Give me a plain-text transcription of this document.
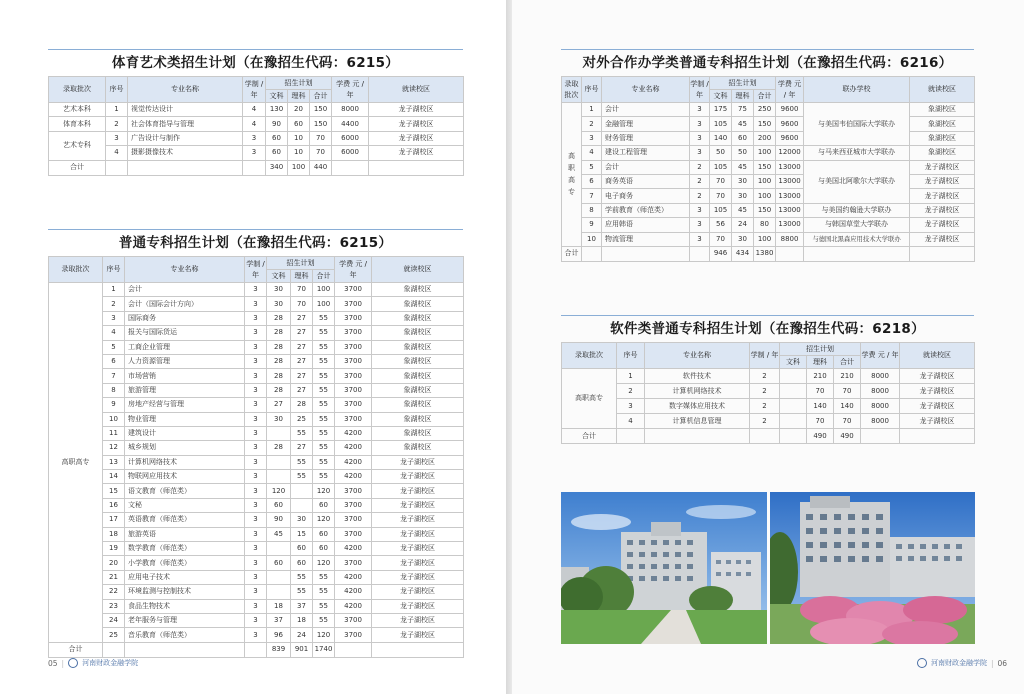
体育艺术类招生计划（在豫招生代码：6215）
录取批次	序号	专业名称	学制 / 年	招生计划			学费 元 / 年	就读校区
				文科	理科	合计		
艺术本科	1	视觉传达设计	4	130	20	150	8000	龙子湖校区
体育本科	2	社会体育指导与管理	4	90	60	150	4400	龙子湖校区
艺术专科	3	广告设计与制作	3	60	10	70	6000	龙子湖校区
	4	摄影摄像技术	3	60	10	70	6000	龙子湖校区
合计				340	100	440		
普通专科招生计划（在豫招生代码：6215）
录取批次	序号	专业名称	学制 / 年	招生计划			学费 元 / 年	就读校区
				文科	理科	合计		
高职高专	1	会计	3	30	70	100	3700	象湖校区
	2	会计（国际会计方向）	3	30	70	100	3700	象湖校区
	3	国际商务	3	28	27	55	3700	象湖校区
	4	报关与国际货运	3	28	27	55	3700	象湖校区
	5	工商企业管理	3	28	27	55	3700	象湖校区
	6	人力资源管理	3	28	27	55	3700	象湖校区
	7	市场营销	3	28	27	55	3700	象湖校区
	8	旅游管理	3	28	27	55	3700	象湖校区
	9	房地产经营与管理	3	27	28	55	3700	象湖校区
	10	物业管理	3	30	25	55	3700	象湖校区
	11	建筑设计	3		55	55	4200	象湖校区
	12	城乡规划	3	28	27	55	4200	象湖校区
	13	计算机网络技术	3		55	55	4200	龙子湖校区
	14	物联网应用技术	3		55	55	4200	龙子湖校区
	15	语文教育（师范类）	3	120		120	3700	龙子湖校区
	16	文秘	3	60		60	3700	龙子湖校区
	17	英语教育（师范类）	3	90	30	120	3700	龙子湖校区
	18	旅游英语	3	45	15	60	3700	龙子湖校区
	19	数学教育（师范类）	3		60	60	4200	龙子湖校区
	20	小学教育（师范类）	3	60	60	120	3700	龙子湖校区
	21	应用电子技术	3		55	55	4200	龙子湖校区
	22	环境监测与控制技术	3		55	55	4200	龙子湖校区
	23	食品生物技术	3	18	37	55	4200	龙子湖校区
	24	老年服务与管理	3	37	18	55	3700	龙子湖校区
	25	音乐教育（师范类）	3	96	24	120	3700	龙子湖校区
合计				839	901	1740		
05 |	河南财政金融学院
对外合作办学类普通专科招生计划（在豫招生代码：6216）
录取批次	序号	专业名称	学制 / 年	招生计划			学费 元 / 年	联办学校	就读校区
				文科	理科	合计			
高职高专	1	会计	3	175	75	250	9600	与美国韦伯国际大学联办	象湖校区
	2	金融管理	3	105	45	150	9600		象湖校区
	3	财务管理	3	140	60	200	9600		象湖校区
	4	建设工程管理	3	50	50	100	12000	与马来西亚城市大学联办	象湖校区
	5	会计	2	105	45	150	13000	与美国北阿歌尔大学联办	龙子湖校区
	6	商务英语	2	70	30	100	13000		龙子湖校区
	7	电子商务	2	70	30	100	13000		龙子湖校区
	8	学前教育（师范类）	3	105	45	150	13000	与美国约翰逊大学联办	龙子湖校区
	9	应用韩语	3	56	24	80	13000	与韩国草堂大学联办	龙子湖校区
	10	物流管理	3	70	30	100	8800	与德国北黑森应用技术大学联办	龙子湖校区
合计				946	434	1380			
软件类普通专科招生计划（在豫招生代码：6218）
录取批次	序号	专业名称	学制 / 年	招生计划			学费 元 / 年	就读校区
				文科	理科	合计		
高职高专	1	软件技术	2		210	210	8000	龙子湖校区
	2	计算机网络技术	2		70	70	8000	龙子湖校区
	3	数字媒体应用技术	2		140	140	8000	龙子湖校区
	4	计算机信息管理	2		70	70	8000	龙子湖校区
合计					490	490		
河南财政金融学院 | 06
